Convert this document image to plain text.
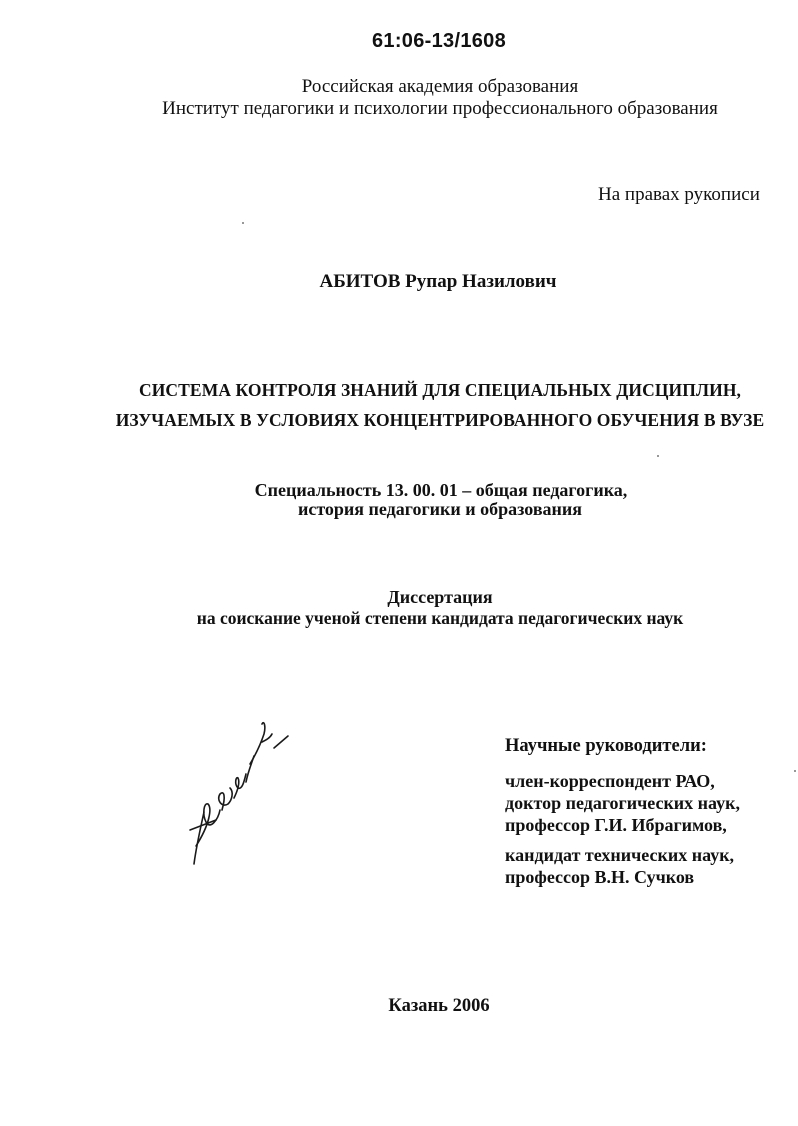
61:06-13/1608
Российская академия образования
Институт педагогики и психологии профессионального образования
На правах рукописи
АБИТОВ Рупар Назилович
СИСТЕМА КОНТРОЛЯ ЗНАНИЙ ДЛЯ СПЕЦИАЛЬНЫХ ДИСЦИПЛИН,
ИЗУЧАЕМЫХ В УСЛОВИЯХ КОНЦЕНТРИРОВАННОГО ОБУЧЕНИЯ В ВУЗЕ
Специальность 13. 00. 01 – общая педагогика,
история педагогики и образования
Диссертация
на соискание ученой степени кандидата педагогических наук
Научные руководители:
член-корреспондент РАО,
доктор педагогических наук,
профессор Г.И. Ибрагимов,
кандидат технических наук,
профессор В.Н. Сучков
Казань 2006
